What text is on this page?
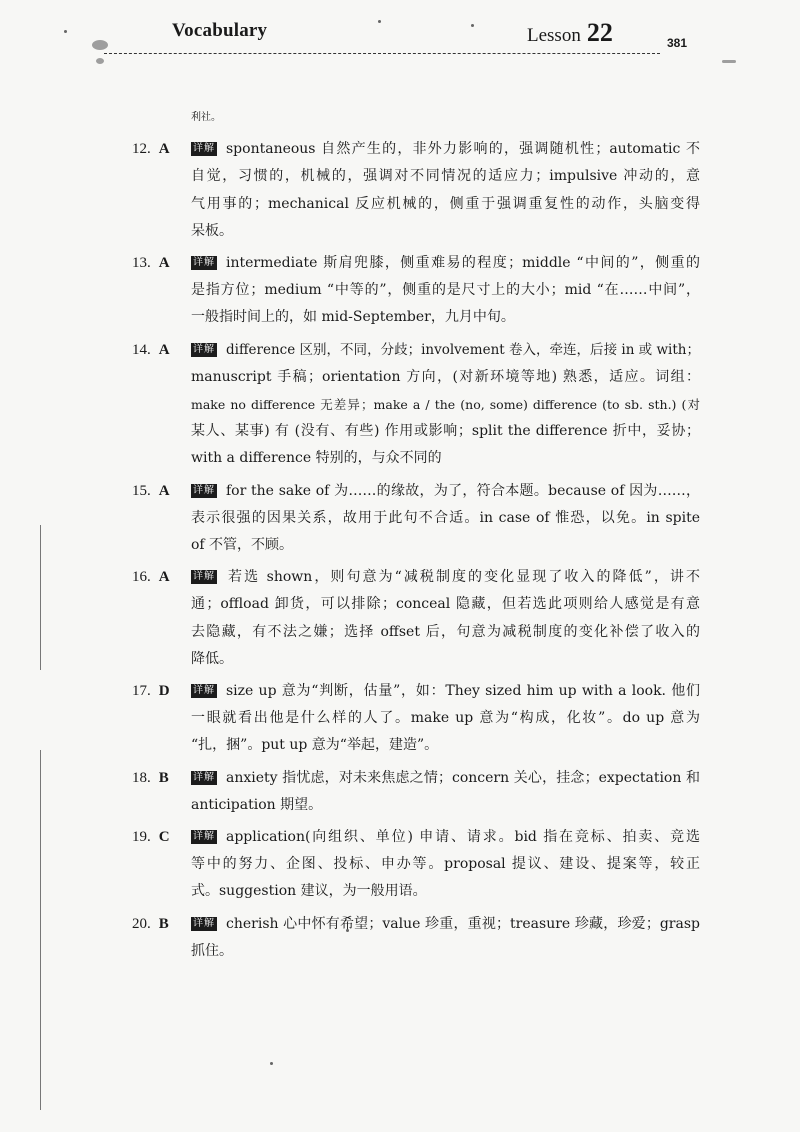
Vocabulary	Lesson 22	381
利社。
12. A	详解 spontaneous 自然产生的，非外力影响的，强调随机性；automatic 不
自觉，习惯的，机械的，强调对不同情况的适应力；impulsive 冲动的，意
气用事的；mechanical 反应机械的，侧重于强调重复性的动作，头脑变得
呆板。
13. A	详解 intermediate 斯肩兜膝，侧重难易的程度；middle “中间的”，侧重的
是指方位；medium “中等的”，侧重的是尺寸上的大小；mid “在……中间”，
一般指时间上的，如 mid-September，九月中旬。
14. A	详解 difference 区别，不同，分歧；involvement 卷入，牵连，后接 in 或 with；
manuscript 手稿；orientation 方向，(对新环境等地) 熟悉，适应。词组：
make no difference 无差异；make a / the (no, some) difference (to sb. sth.) (对
某人、某事) 有 (没有、有些) 作用或影响；split the difference 折中，妥协；
with a difference 特别的，与众不同的
15. A	详解 for the sake of 为……的缘故，为了，符合本题。because of 因为……，
表示很强的因果关系，故用于此句不合适。in case of 惟恐，以免。in spite
of 不管，不顾。
16. A	详解 若选 shown，则句意为“减税制度的变化显现了收入的降低”，讲不
通；offload 卸货，可以排除；conceal 隐藏，但若选此项则给人感觉是有意
去隐藏，有不法之嫌；选择 offset 后，句意为减税制度的变化补偿了收入的
降低。
17. D	详解 size up 意为“判断，估量”，如：They sized him up with a look. 他们
一眼就看出他是什么样的人了。make up 意为“构成，化妆”。do up 意为
“扎，捆”。put up 意为“举起，建造”。
18. B	详解 anxiety 指忧虑，对未来焦虑之情；concern 关心，挂念；expectation 和
anticipation 期望。
19. C	详解 application(向组织、单位) 申请、请求。bid 指在竞标、拍卖、竞选
等中的努力、企图、投标、申办等。proposal 提议、建设、提案等，较正
式。suggestion 建议，为一般用语。
20. B	详解 cherish 心中怀有希望；value 珍重，重视；treasure 珍藏，珍爱；grasp
抓住。
